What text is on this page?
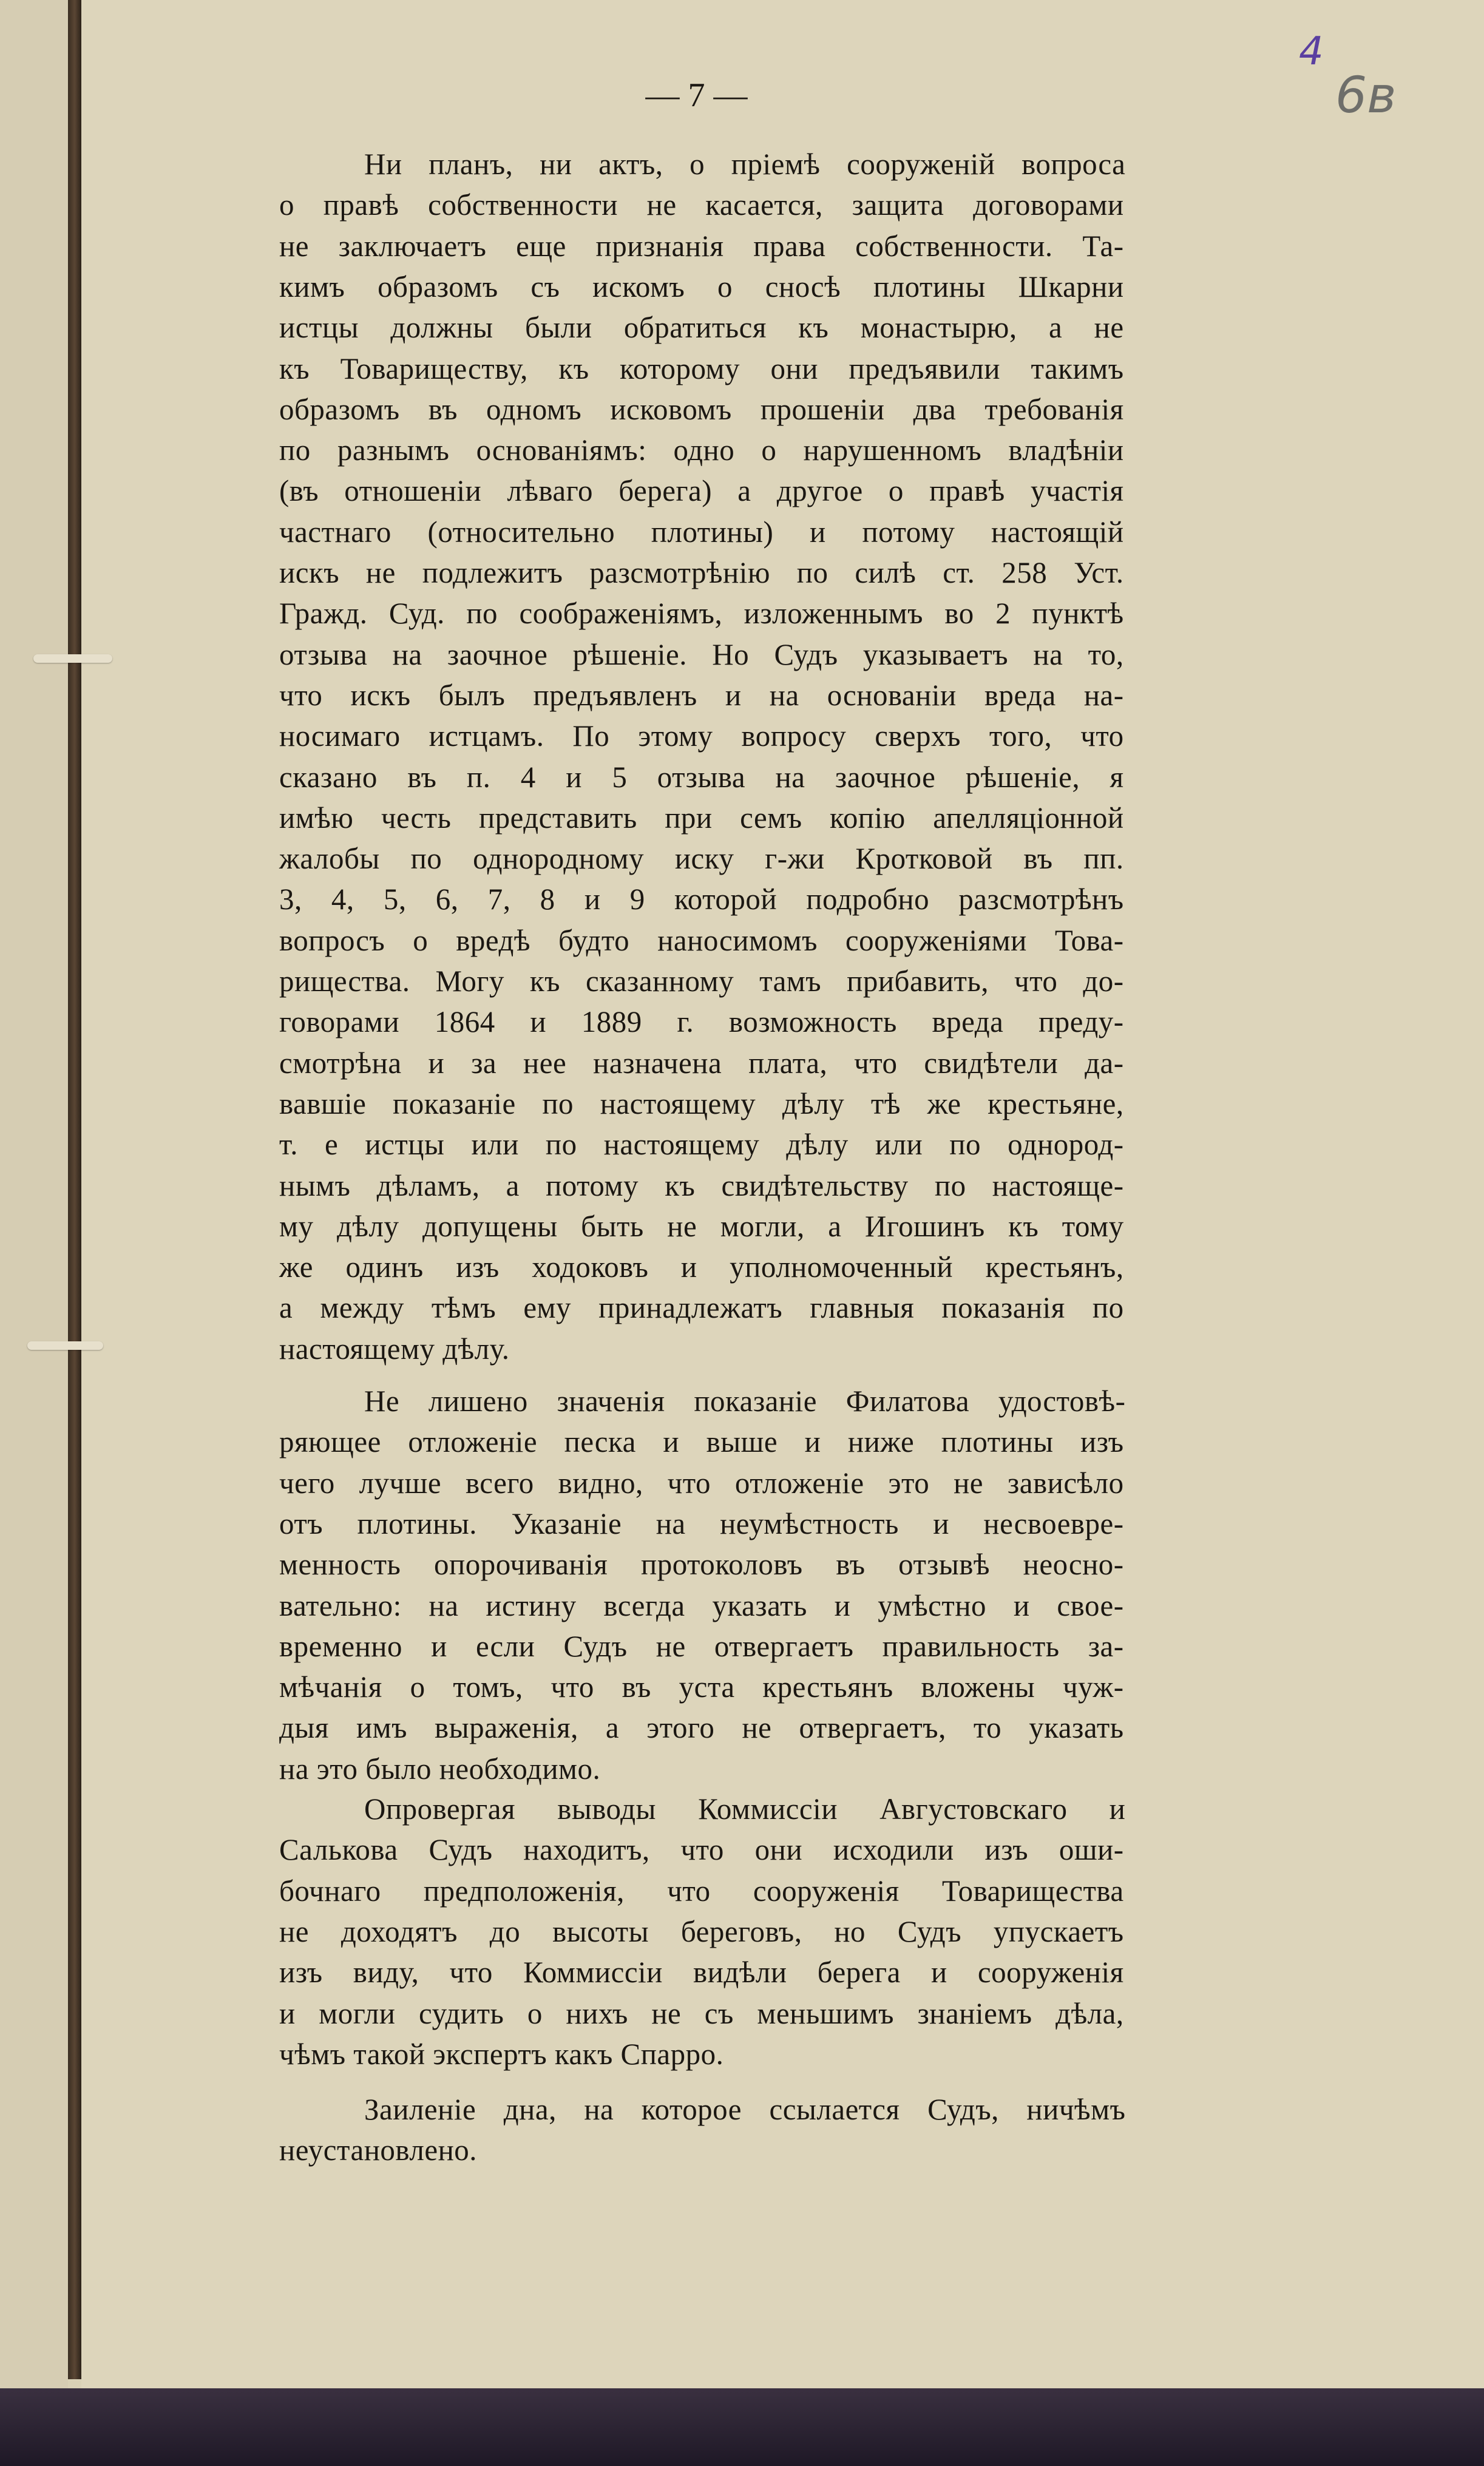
4
6в
— 7 —
Ни планъ, ни актъ, о прiемѣ сооруженiй вопроса
о правѣ собственности не касается, защита договорами
не заключаетъ еще признанiя права собственности. Та-
кимъ образомъ съ искомъ о сносѣ плотины Шкарни
истцы должны были обратиться къ монастырю, а не
къ Товариществу, къ которому они предъявили такимъ
образомъ въ одномъ исковомъ прошенiи два требованiя
по разнымъ основанiямъ: одно о нарушенномъ владѣнiи
(въ отношенiи лѣваго берега) а другое о правѣ участiя
частнаго (относительно плотины) и потому настоящiй
искъ не подлежитъ разсмотрѣнiю по силѣ ст. 258 Уст.
Гражд. Суд. по соображенiямъ, изложеннымъ во 2 пунктѣ
отзыва на заочное рѣшенiе. Но Судъ указываетъ на то,
что искъ былъ предъявленъ и на основанiи вреда на-
носимаго истцамъ. По этому вопросу сверхъ того, что
сказано въ п. 4 и 5 отзыва на заочное рѣшенiе, я
имѣю честь представить при семъ копiю апелляцiонной
жалобы по однородному иску г-жи Кротковой въ пп.
3, 4, 5, 6, 7, 8 и 9 которой подробно разсмотрѣнъ
вопросъ о вредѣ будто наносимомъ сооруженiями Това-
рищества. Могу къ сказанному тамъ прибавить, что до-
говорами 1864 и 1889 г. возможность вреда преду-
смотрѣна и за нее назначена плата, что свидѣтели да-
вавшiе показанiе по настоящему дѣлу тѣ же крестьяне,
т. е истцы или по настоящему дѣлу или по однород-
нымъ дѣламъ, а потому къ свидѣтельству по настояще-
му дѣлу допущены быть не могли, а Игошинъ къ тому
же одинъ изъ ходоковъ и уполномоченный крестьянъ,
а между тѣмъ ему принадлежатъ главныя показанiя по
настоящему дѣлу.
Не лишено значенiя показанiе Филатова удостовѣ-
ряющее отложенiе песка и выше и ниже плотины изъ
чего лучше всего видно, что отложенiе это не зависѣло
отъ плотины. Указанiе на неумѣстность и несвоевре-
менность опорочиванiя протоколовъ въ отзывѣ неосно-
вательно: на истину всегда указать и умѣстно и свое-
временно и если Судъ не отвергаетъ правильность за-
мѣчанiя о томъ, что въ уста крестьянъ вложены чуж-
дыя имъ выраженiя, а этого не отвергаетъ, то указать
на это было необходимо.
Опровергая выводы Коммиссiи Августовскаго и
Салькова Судъ находитъ, что они исходили изъ оши-
бочнаго предположенiя, что сооруженiя Товарищества
не доходятъ до высоты береговъ, но Судъ упускаетъ
изъ виду, что Коммиссiи видѣли берега и сооруженiя
и могли судить о нихъ не съ меньшимъ знанiемъ дѣла,
чѣмъ такой экспертъ какъ Спарро.
Заиленiе дна, на которое ссылается Судъ, ничѣмъ
неустановлено.
